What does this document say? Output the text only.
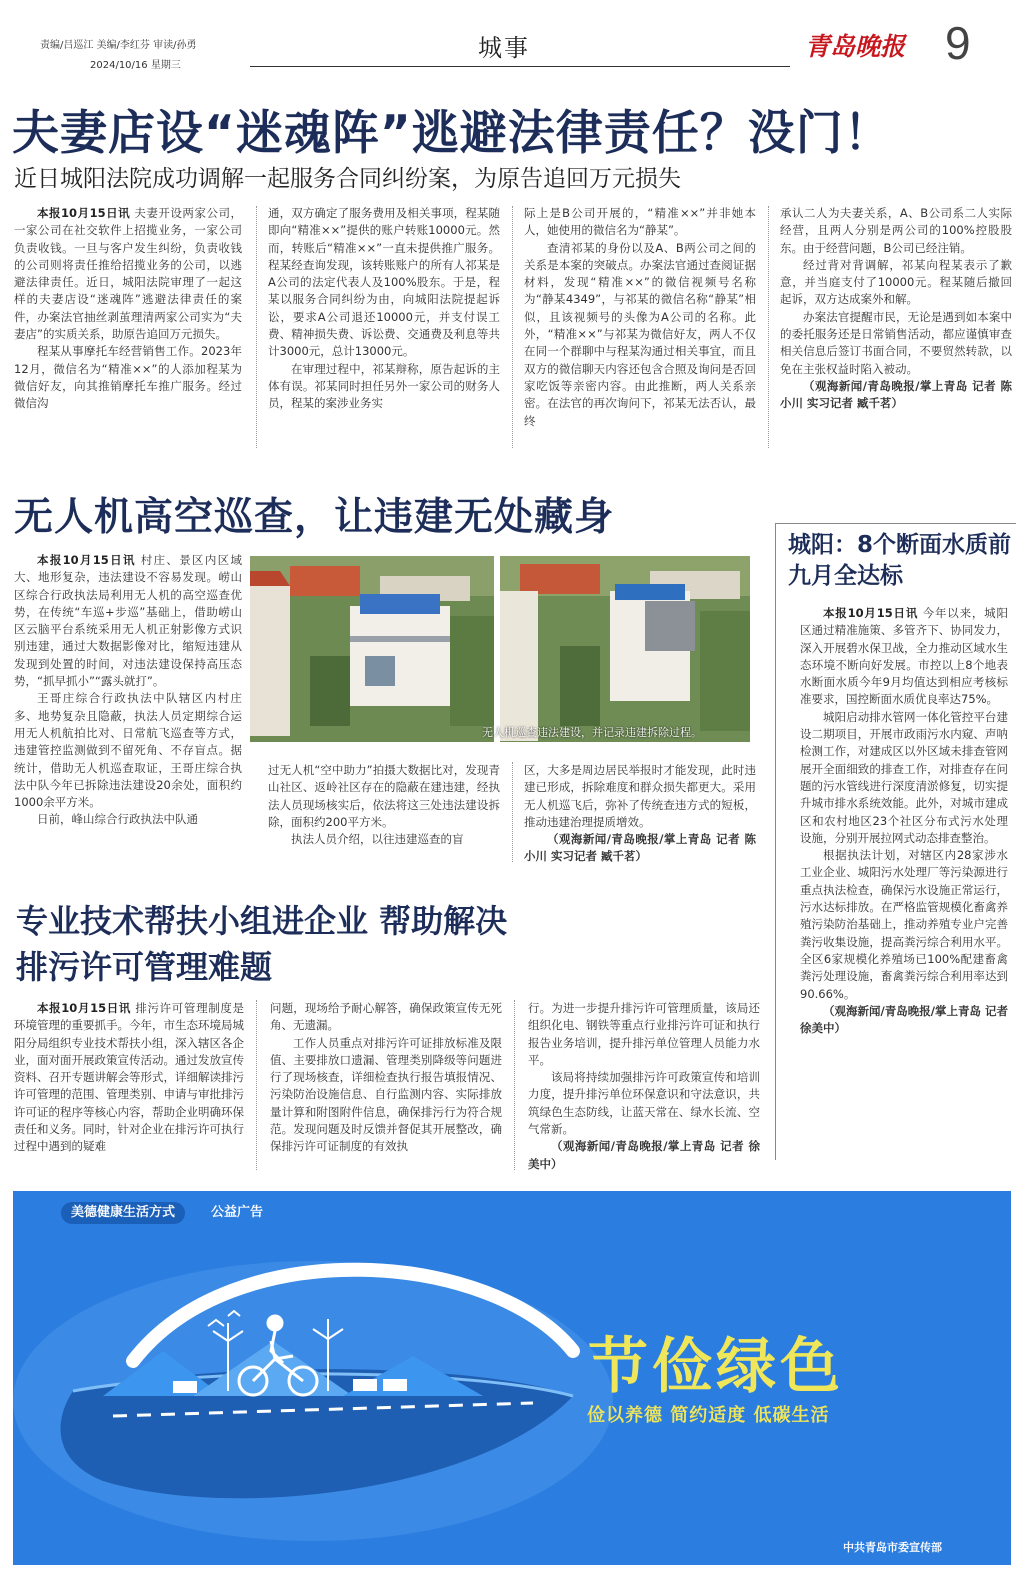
责编/吕巡江 美编/李红芬 审读/孙勇
2024/10/16 星期三
城事	青岛晚报 9
夫妻店设“迷魂阵”逃避法律责任？没门！
近日城阳法院成功调解一起服务合同纠纷案，为原告追回万元损失
本报10月15日讯 夫妻开设两家公司，一家公司在社交软件上招揽业务，一家公司负责收钱。一旦与客户发生纠纷，负责收钱的公司则将责任推给招揽业务的公司，以逃避法律责任。近日，城阳法院审理了一起这样的夫妻店设“迷魂阵”逃避法律责任的案件，办案法官抽丝剥茧理清两家公司实为“夫妻店”的实质关系，助原告追回万元损失。
程某从事摩托车经营销售工作。2023年12月，微信名为“精准××”的人添加程某为微信好友，向其推销摩托车推广服务。经过微信沟
通，双方确定了服务费用及相关事项，程某随即向“精准××”提供的账户转账10000元。然而，转账后“精准××”一直未提供推广服务。程某经查询发现，该转账账户的所有人祁某是A公司的法定代表人及100%股东。于是，程某以服务合同纠纷为由，向城阳法院提起诉讼，要求A公司退还10000元，并支付误工费、精神损失费、诉讼费、交通费及利息等共计3000元，总计13000元。
在审理过程中，祁某辩称，原告起诉的主体有误。祁某同时担任另外一家公司的财务人员，程某的案涉业务实
际上是B公司开展的，“精准××”并非她本人，她使用的微信名为“静某”。
查清祁某的身份以及A、B两公司之间的关系是本案的突破点。办案法官通过查阅证据材料，发现“精准××”的微信视频号名称为“静某4349”，与祁某的微信名称“静某”相似，且该视频号的头像为A公司的名称。此外，“精准××”与祁某为微信好友，两人不仅在同一个群聊中与程某沟通过相关事宜，而且双方的微信聊天内容还包含合照及询问是否回家吃饭等亲密内容。由此推断，两人关系亲密。在法官的再次询问下，祁某无法否认，最终
承认二人为夫妻关系，A、B公司系二人实际经营，且两人分别是两公司的100%控股股东。由于经营问题，B公司已经注销。
经过背对背调解，祁某向程某表示了歉意，并当庭支付了10000元。程某随后撤回起诉，双方达成案外和解。
办案法官提醒市民，无论是遇到如本案中的委托服务还是日常销售活动，都应谨慎审查相关信息后签订书面合同，不要贸然转款，以免在主张权益时陷入被动。
（观海新闻/青岛晚报/掌上青岛 记者 陈小川 实习记者 臧千茗）
无人机高空巡查，让违建无处藏身
本报10月15日讯 村庄、景区内区域大、地形复杂，违法建设不容易发现。崂山区综合行政执法局利用无人机的高空巡查优势，在传统“车巡+步巡”基础上，借助崂山区云脑平台系统采用无人机正射影像方式识别违建，通过大数据影像对比，缩短违建从发现到处置的时间，对违法建设保持高压态势，“抓早抓小”“露头就打”。
王哥庄综合行政执法中队辖区内村庄多、地势复杂且隐蔽，执法人员定期综合运用无人机航拍比对、日常航飞巡查等方式，违建管控监测做到不留死角、不存盲点。据统计，借助无人机巡查取证，王哥庄综合执法中队今年已拆除违法建设20余处，面积约1000余平方米。
日前，峰山综合行政执法中队通
无人机巡查违法建设，并记录违建拆除过程。
过无人机“空中助力”拍摄大数据比对，发现青山社区、返岭社区存在的隐蔽在建违建，经执法人员现场核实后，依法将这三处违法建设拆除，面积约200平方米。
执法人员介绍，以往违建巡查的盲
区，大多是周边居民举报时才能发现，此时违建已形成，拆除难度和群众损失都更大。采用无人机巡飞后，弥补了传统查违方式的短板，推动违建治理提质增效。
（观海新闻/青岛晚报/掌上青岛 记者 陈小川 实习记者 臧千茗）
城阳：8个断面水质前九月全达标
本报10月15日讯 今年以来，城阳区通过精准施策、多管齐下、协同发力，深入开展碧水保卫战，全力推动区域水生态环境不断向好发展。市控以上8个地表水断面水质今年9月均值达到相应考核标准要求，国控断面水质优良率达75%。
城阳启动排水管网一体化管控平台建设二期项目，开展市政雨污水内窥、声呐检测工作，对建成区以外区域未排查管网展开全面细致的排查工作，对排查存在问题的污水管线进行深度清淤修复，切实提升城市排水系统效能。此外，对城市建成区和农村地区23个社区分布式污水处理设施，分别开展拉网式动态排查整治。
根据执法计划，对辖区内28家涉水工业企业、城阳污水处理厂等污染源进行重点执法检查，确保污水设施正常运行，污水达标排放。在严格监管规模化畜禽养殖污染防治基础上，推动养殖专业户完善粪污收集设施，提高粪污综合利用水平。全区6家规模化养殖场已100%配建畜禽粪污处理设施，畜禽粪污综合利用率达到90.66%。
（观海新闻/青岛晚报/掌上青岛 记者 徐美中）
专业技术帮扶小组进企业 帮助解决排污许可管理难题
本报10月15日讯 排污许可管理制度是环境管理的重要抓手。今年，市生态环境局城阳分局组织专业技术帮扶小组，深入辖区各企业，面对面开展政策宣传活动。通过发放宣传资料、召开专题讲解会等形式，详细解读排污许可管理的范围、管理类别、申请与审批排污许可证的程序等核心内容，帮助企业明确环保责任和义务。同时，针对企业在排污许可执行过程中遇到的疑难
问题，现场给予耐心解答，确保政策宣传无死角、无遗漏。
工作人员重点对排污许可证排放标准及限值、主要排放口遗漏、管理类别降级等问题进行了现场核查，详细检查执行报告填报情况、污染防治设施信息、自行监测内容、实际排放量计算和附图附件信息，确保排污行为符合规范。发现问题及时反馈并督促其开展整改，确保排污许可证制度的有效执
行。为进一步提升排污许可管理质量，该局还组织化电、钢铁等重点行业排污许可证和执行报告业务培训，提升排污单位管理人员能力水平。
该局将持续加强排污许可政策宣传和培训力度，提升排污单位环保意识和守法意识，共筑绿色生态防线，让蓝天常在、绿水长流、空气常新。
（观海新闻/青岛晚报/掌上青岛 记者 徐美中）
美德健康生活方式	公益广告
节俭绿色
俭以养德 简约适度 低碳生活
中共青岛市委宣传部
